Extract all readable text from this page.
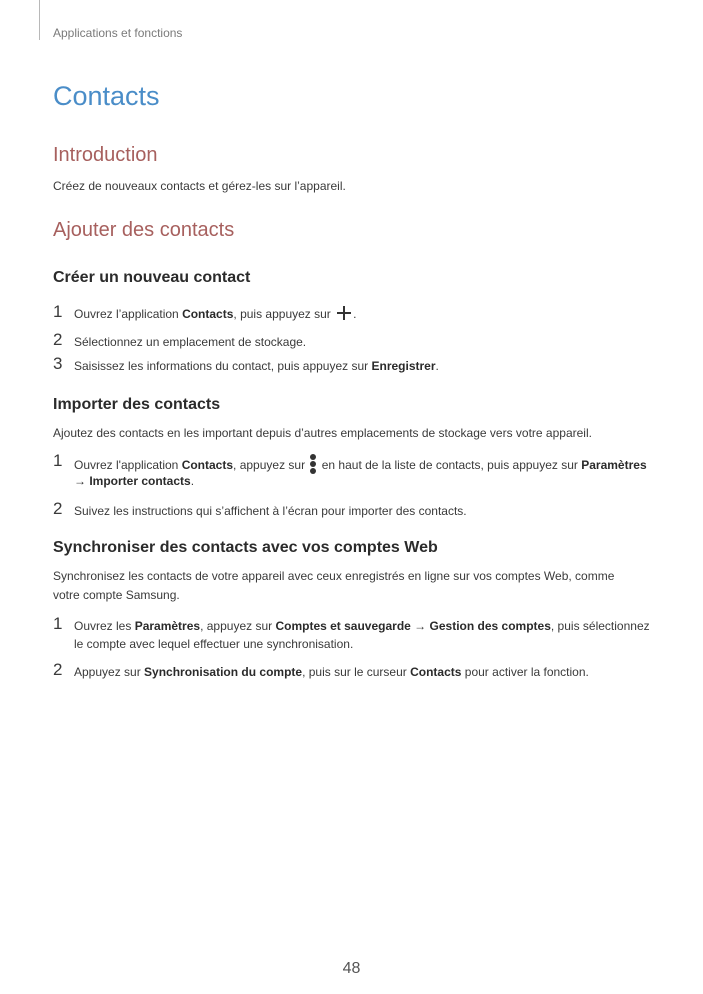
Applications et fonctions
Contacts
Introduction
Créez de nouveaux contacts et gérez-les sur l’appareil.
Ajouter des contacts
Créer un nouveau contact
1 Ouvrez l’application Contacts, puis appuyez sur .
2 Sélectionnez un emplacement de stockage.
3 Saisissez les informations du contact, puis appuyez sur Enregistrer.
Importer des contacts
Ajoutez des contacts en les important depuis d’autres emplacements de stockage vers votre appareil.
1 Ouvrez l'application Contacts, appuyez sur
en haut de la liste de contacts, puis appuyez sur Paramètres
→ Importer contacts.
2 Suivez les instructions qui s’affichent à l’écran pour importer des contacts.
Synchroniser des contacts avec vos comptes Web
Synchronisez les contacts de votre appareil avec ceux enregistrés en ligne sur vos comptes Web, comme
votre compte Samsung.
1 Ouvrez les Paramètres, appuyez sur Comptes et sauvegarde → Gestion des comptes, puis sélectionnez
le compte avec lequel effectuer une synchronisation.
2 Appuyez sur Synchronisation du compte, puis sur le curseur Contacts pour activer la fonction.
48
